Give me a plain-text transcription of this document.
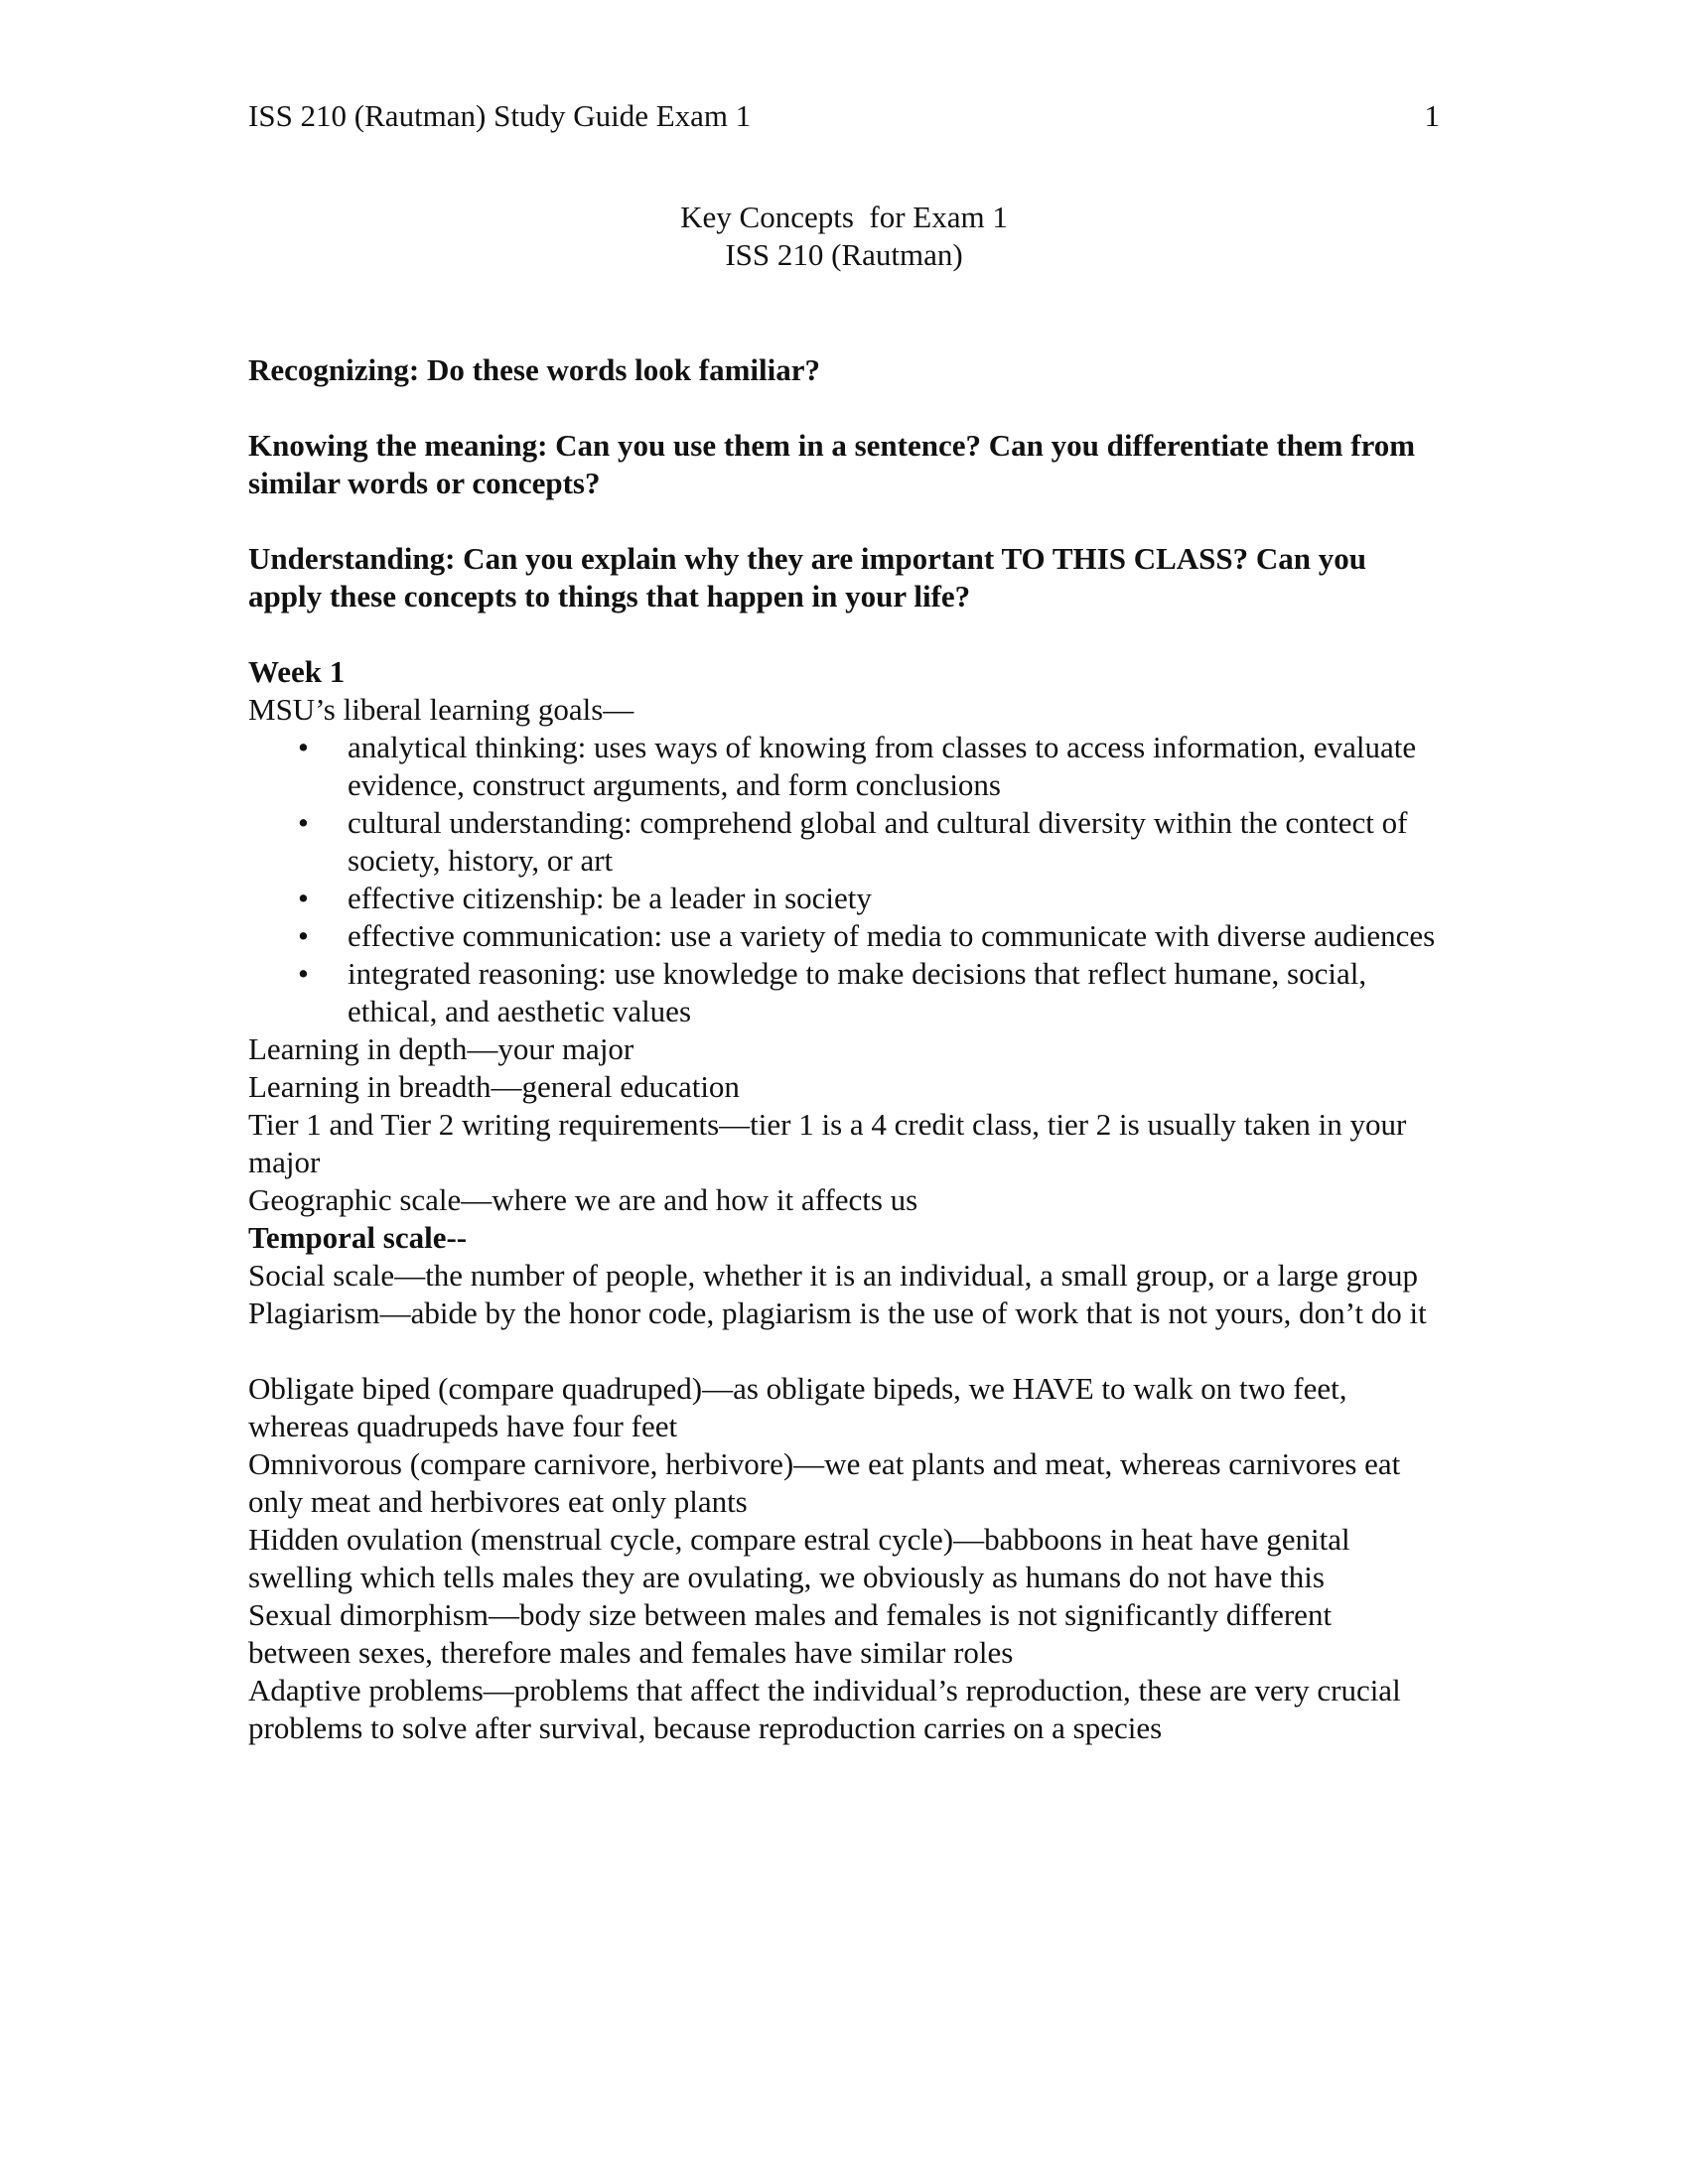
ISS 210 (Rautman) Study Guide Exam 1	1
Key Concepts  for Exam 1
ISS 210 (Rautman)

Recognizing: Do these words look familiar?

Knowing the meaning: Can you use them in a sentence? Can you differentiate them from similar words or concepts?

Understanding: Can you explain why they are important TO THIS CLASS? Can you apply these concepts to things that happen in your life?

Week 1

MSU’s liberal learning goals—

• analytical thinking: uses ways of knowing from classes to access information, evaluate evidence, construct arguments, and form conclusions
• cultural understanding: comprehend global and cultural diversity within the contect of society, history, or art
• effective citizenship: be a leader in society
• effective communication: use a variety of media to communicate with diverse audiences
• integrated reasoning: use knowledge to make decisions that reflect humane, social, ethical, and aesthetic values

Learning in depth—your major

Learning in breadth—general education

Tier 1 and Tier 2 writing requirements—tier 1 is a 4 credit class, tier 2 is usually taken in your major

Geographic scale—where we are and how it affects us

Temporal scale--

Social scale—the number of people, whether it is an individual, a small group, or a large group

Plagiarism—abide by the honor code, plagiarism is the use of work that is not yours, don’t do it

Obligate biped (compare quadruped)—as obligate bipeds, we HAVE to walk on two feet, whereas quadrupeds have four feet

Omnivorous (compare carnivore, herbivore)—we eat plants and meat, whereas carnivores eat only meat and herbivores eat only plants

Hidden ovulation (menstrual cycle, compare estral cycle)—babboons in heat have genital swelling which tells males they are ovulating, we obviously as humans do not have this

Sexual dimorphism—body size between males and females is not significantly different between sexes, therefore males and females have similar roles

Adaptive problems—problems that affect the individual’s reproduction, these are very crucial problems to solve after survival, because reproduction carries on a species
